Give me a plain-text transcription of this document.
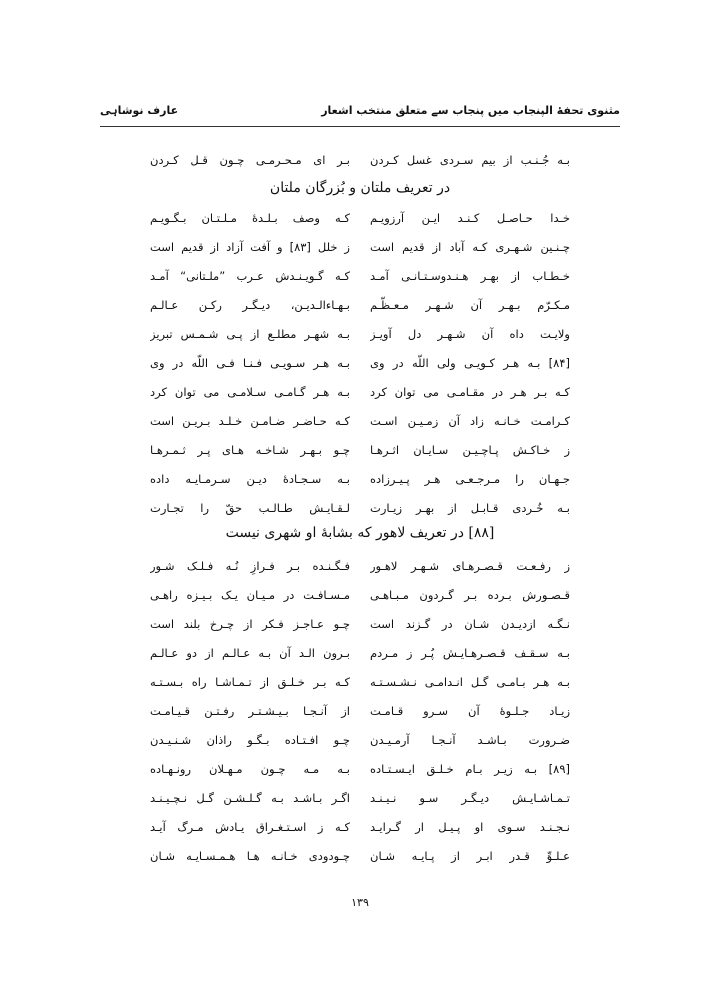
مثنوی تحفۀ الپنجاب میں پنجاب سے متعلق منتخب اشعار
عارف نوشاہی
بـه جُـنـب از بیم سـردی غسل کـردن
بـر ای مـحـرمـی چـون قـل کـردن
در تعریف ملتان و بُزرگان ملتان
خـدا حـاصـل کـنـد ایـن آرزویـم
کـه وصف بـلـدۀ مـلـتـان بـگـویـم
چـنـین شـهـری کـه آباد از قدیم است
ز خلل [۸۳] و آفت آزاد از قدیم است
خـطـاب از بهـر هـنـدوسـتـانـی آمـد
کـه گـویـنـدش عـرب ”ملـتانی“ آمـد
مـکـرّم بـهـر آن شـهـر مـعـظّـم
بـهـاءالـدیـن، دیـگـر رکـن عـالـم
ولایـت داه آن شـهـر دل آویـز
بـه شهـر مطلـع از پـی شـمـس تبریز
[۸۴] بـه هـر کـویـی ولی اللّه در وی
بـه هـر سـویـی فـنـا فـی اللّه در وی
کـه بـر هـر در مقـامـی می توان کرد
بـه هـر گـامـی سـلامـی می توان کرد
کـرامـت خـانـه زاد آن زمـیـن اسـت
کـه حـاضـر ضـامـن خـلـد بـریـن است
ز خـاکـش پـاچـیـن سـایـان اثـرهـا
چـو بـهـر شـاخـه هـای پـر ثـمـرهـا
جـهـان را مـرجـعـی هـر پـیـرزاده
بـه سـجـادۀ دیـن سـرمـایـه داده
بـه خُـردی قـابـل از بهـر زیـارت
لـقـایـش طـالـب حقّ را تجـارت
[۸۸] در تعریف لاهور که بشابۀ او شهری نیست
ز رفـعـت قـصـرهـای شـهـر لاهـور
فـگـنـده بـر فـرازِ نُـه فـلـک شـور
قـصـورش بـرده بـر گـردون مـبـاهـی
مـسـافـت در مـیـان یـک بـیـزه راهـی
نـگـه ازدیـدن شـان در گـزند است
چـو عـاجـز فـکر از چـرخ بلند است
بـه سـقـف قـصـرهـایـش پُـر ز مـردم
بـرون الـد آن بـه عـالـم از دو عـالـم
بـه هـر بـامـی گـل انـدامـی نـشـسـتـه
کـه بـر خـلـق از تـمـاشـا راه بـسـتـه
زیـاد جـلـوۀ آن سـرو قـامـت
از آنـجـا بـیـشـتـر رفـتـن قـیـامـت
ضـرورت بـاشـد آنـجـا آرمـیـدن
چـو افـتـاده بـگـو راذان شـنـیـدن
[۸۹] بـه زیـر بـام خـلـق ایـسـتـاده
بـه مـه چـون مـهـلان رونـهـاده
تـمـاشـایـش دیـگـر سـو نـیـنـد
اگـر بـاشـد بـه گـلـشـن گـل نـچـیـنـد
نـجـنـد سـوی او پـیـل ار گـرایـد
کـه ز اسـتـغـراق یـادش مـرگ آیـد
عـلـوِّ قـدر ابـر از پـایـه شـان
چـودودی خـانـه هـا هـمـسـایـه شـان
۱۳۹
